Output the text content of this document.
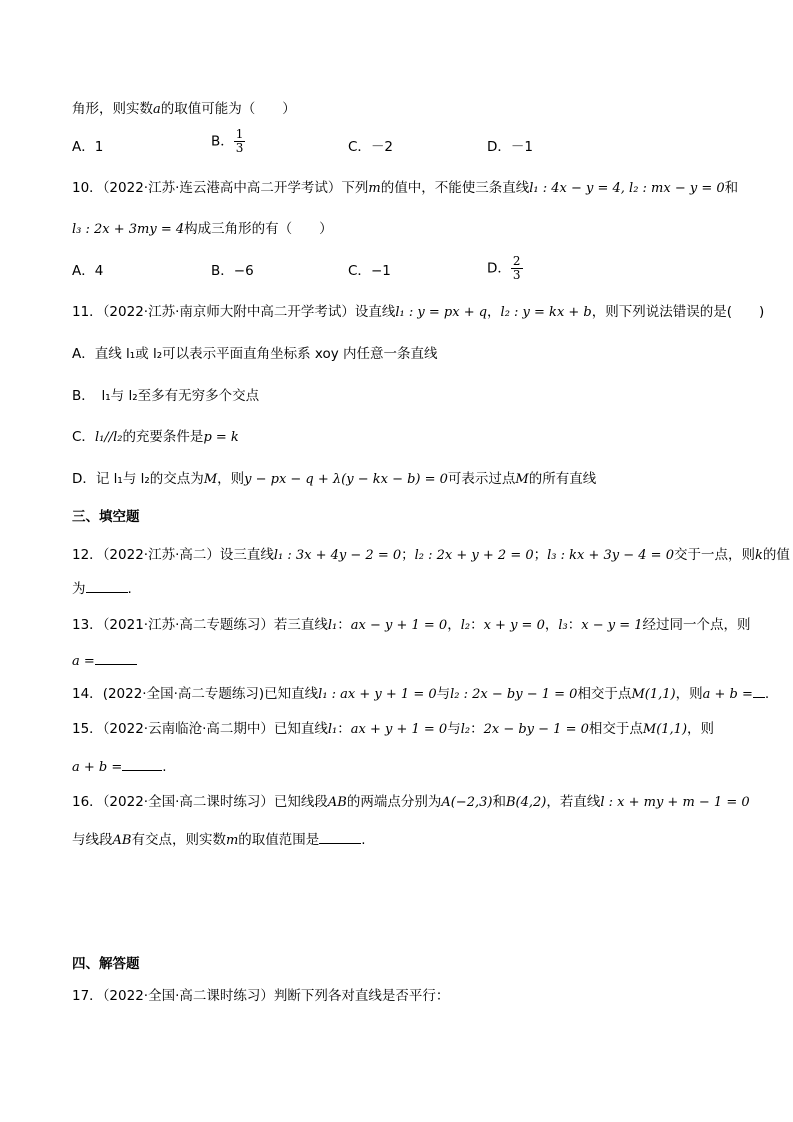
角形，则实数a的取值可能为（　　）
A．1	B． $\frac{1}{3}$	C．－2	D．－1
10．（2022·江苏·连云港高中高二开学考试）下列m的值中，不能使三条直线l₁ : 4x − y = 4, l₂ : mx − y = 0和
l₃ : 2x + 3my = 4构成三角形的有（　　）
A．4	B．−6	C．−1	D． $\frac{2}{3}$
11．（2022·江苏·南京师大附中高二开学考试）设直线l₁ : y = px + q，l₂ : y = kx + b，则下列说法错误的是(　　)
A．直线 l₁或 l₂可以表示平面直角坐标系 xoy 内任意一条直线
B．　l₁与 l₂至多有无穷多个交点
C．l₁//l₂的充要条件是p = k
D．记 l₁与 l₂的交点为M，则y − px − q + λ(y − kx − b) = 0可表示过点M的所有直线
三、填空题
12．（2022·江苏·高二）设三直线l₁ : 3x + 4y − 2 = 0；l₂ : 2x + y + 2 = 0；l₃ : kx + 3y − 4 = 0交于一点，则k的值
为	.
13．（2021·江苏·高二专题练习）若三直线l₁：ax − y + 1 = 0，l₂：x + y = 0，l₃：x − y = 1经过同一个点，则
a =
14．(2022·全国·高二专题练习)已知直线l₁ : ax + y + 1 = 0与l₂ : 2x − by − 1 = 0相交于点M(1,1)，则a + b = .
15．（2022·云南临沧·高二期中）已知直线l₁：ax + y + 1 = 0与l₂：2x − by − 1 = 0相交于点M(1,1)，则
a + b =	.
16．（2022·全国·高二课时练习）已知线段AB的两端点分别为A(−2,3)和B(4,2)，若直线l : x + my + m − 1 = 0
与线段AB有交点，则实数m的取值范围是	.
四、解答题
17．（2022·全国·高二课时练习）判断下列各对直线是否平行：
